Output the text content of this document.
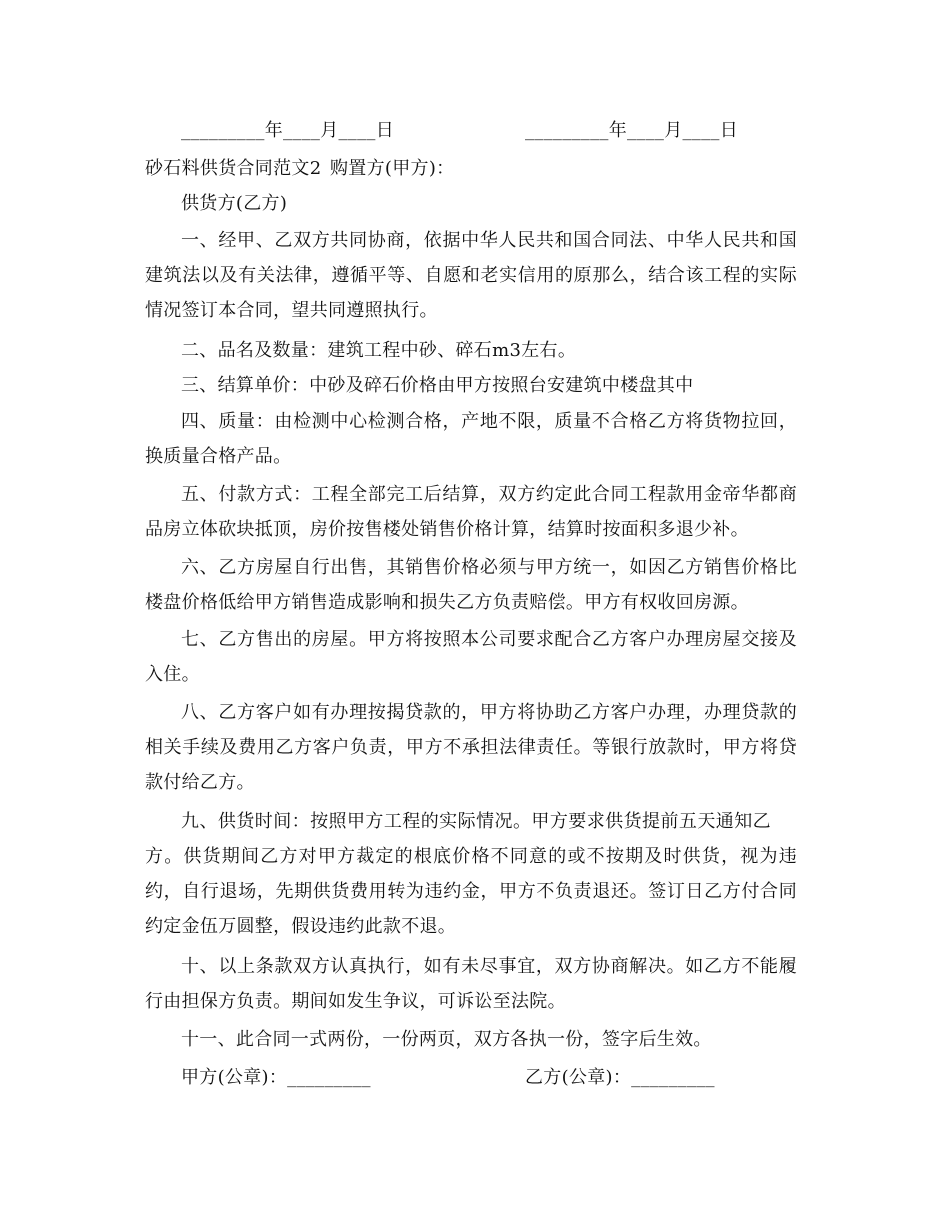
_________年____月____日	_________年____月____日
砂石料供货合同范文2 购置方(甲方)：
供货方(乙方)
一、经甲、乙双方共同协商，依据中华人民共和国合同法、中华人民共和国
建筑法以及有关法律，遵循平等、自愿和老实信用的原那么，结合该工程的实际
情况签订本合同，望共同遵照执行。
二、品名及数量：建筑工程中砂、碎石m3左右。
三、结算单价：中砂及碎石价格由甲方按照台安建筑中楼盘其中
四、质量：由检测中心检测合格，产地不限，质量不合格乙方将货物拉回，
换质量合格产品。
五、付款方式：工程全部完工后结算，双方约定此合同工程款用金帝华都商
品房立体砍块抵顶，房价按售楼处销售价格计算，结算时按面积多退少补。
六、乙方房屋自行出售，其销售价格必须与甲方统一，如因乙方销售价格比
楼盘价格低给甲方销售造成影响和损失乙方负责赔偿。甲方有权收回房源。
七、乙方售出的房屋。甲方将按照本公司要求配合乙方客户办理房屋交接及
入住。
八、乙方客户如有办理按揭贷款的，甲方将协助乙方客户办理，办理贷款的
相关手续及费用乙方客户负责，甲方不承担法律责任。等银行放款时，甲方将贷
款付给乙方。
九、供货时间：按照甲方工程的实际情况。甲方要求供货提前五天通知乙
方。供货期间乙方对甲方裁定的根底价格不同意的或不按期及时供货，视为违
约，自行退场，先期供货费用转为违约金，甲方不负责退还。签订日乙方付合同
约定金伍万圆整，假设违约此款不退。
十、以上条款双方认真执行，如有未尽事宜，双方协商解决。如乙方不能履
行由担保方负责。期间如发生争议，可诉讼至法院。
十一、此合同一式两份，一份两页，双方各执一份，签字后生效。
甲方(公章)：_________	乙方(公章)：_________
